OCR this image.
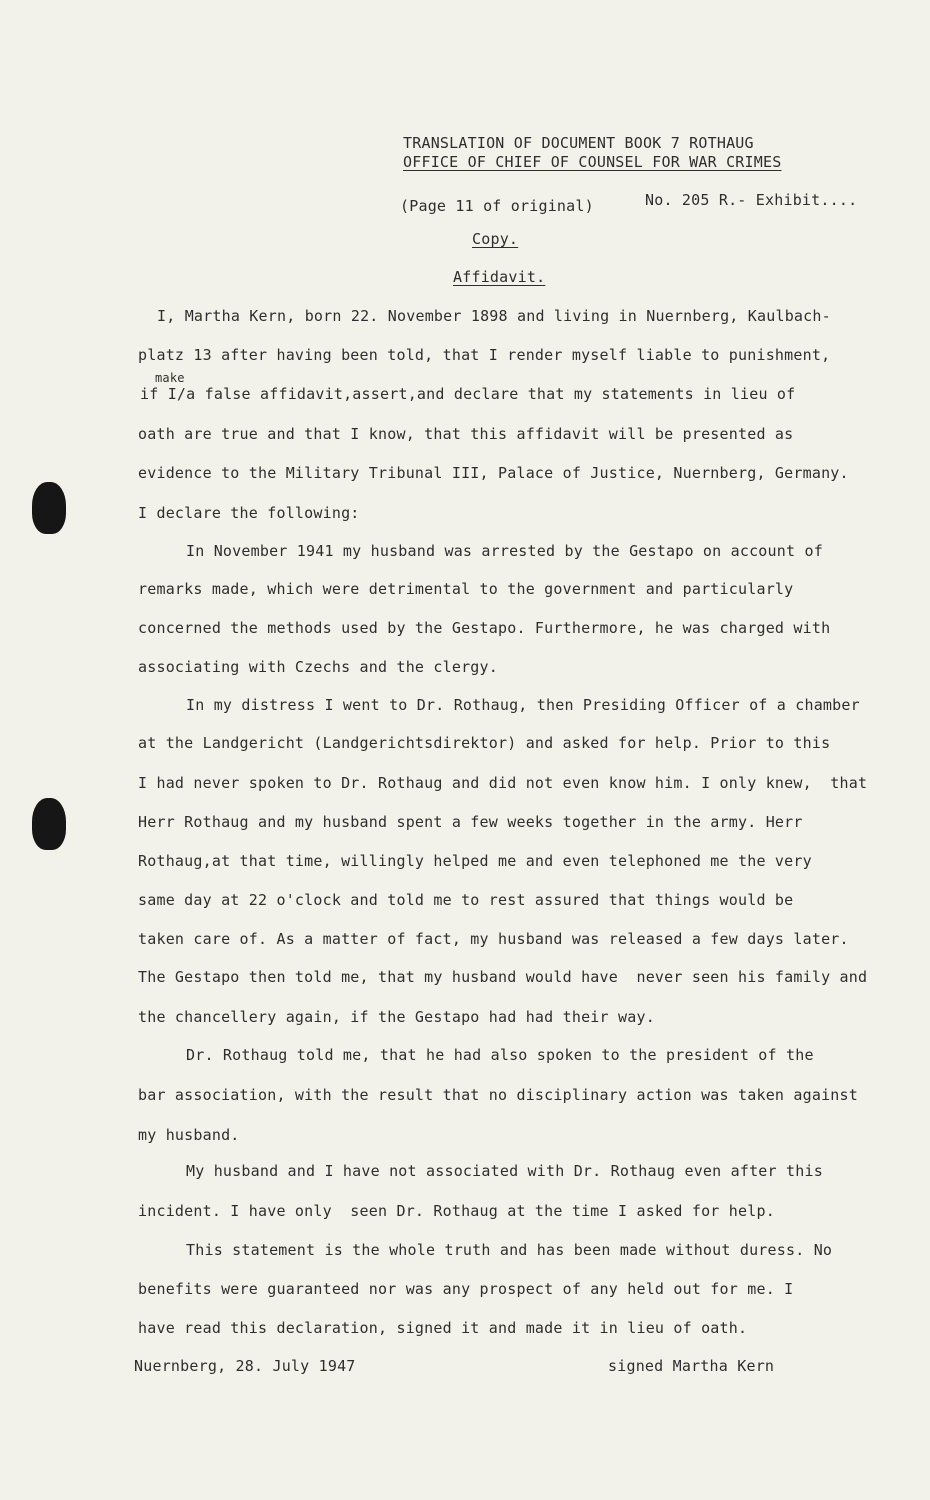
TRANSLATION OF DOCUMENT BOOK 7 ROTHAUG
OFFICE OF CHIEF OF COUNSEL FOR WAR CRIMES
(Page 11 of original)	No. 205 R.- Exhibit....
Copy.
Affidavit.
I, Martha Kern, born 22. November 1898 and living in Nuernberg, Kaulbach-
platz 13 after having been told, that I render myself liable to punishment,
make
if I/a false affidavit,assert,and declare that my statements in lieu of
oath are true and that I know, that this affidavit will be presented as
evidence to the Military Tribunal III, Palace of Justice, Nuernberg, Germany.
I declare the following:
In November 1941 my husband was arrested by the Gestapo on account of
remarks made, which were detrimental to the government and particularly
concerned the methods used by the Gestapo. Furthermore, he was charged with
associating with Czechs and the clergy.
In my distress I went to Dr. Rothaug, then Presiding Officer of a chamber
at the Landgericht (Landgerichtsdirektor) and asked for help. Prior to this
I had never spoken to Dr. Rothaug and did not even know him. I only knew,  that
Herr Rothaug and my husband spent a few weeks together in the army. Herr
Rothaug,at that time, willingly helped me and even telephoned me the very
same day at 22 o'clock and told me to rest assured that things would be
taken care of. As a matter of fact, my husband was released a few days later.
The Gestapo then told me, that my husband would have  never seen his family and
the chancellery again, if the Gestapo had had their way.
Dr. Rothaug told me, that he had also spoken to the president of the
bar association, with the result that no disciplinary action was taken against
my husband.
My husband and I have not associated with Dr. Rothaug even after this
incident. I have only  seen Dr. Rothaug at the time I asked for help.
This statement is the whole truth and has been made without duress. No
benefits were guaranteed nor was any prospect of any held out for me. I
have read this declaration, signed it and made it in lieu of oath.
Nuernberg, 28. July 1947	signed Martha Kern
